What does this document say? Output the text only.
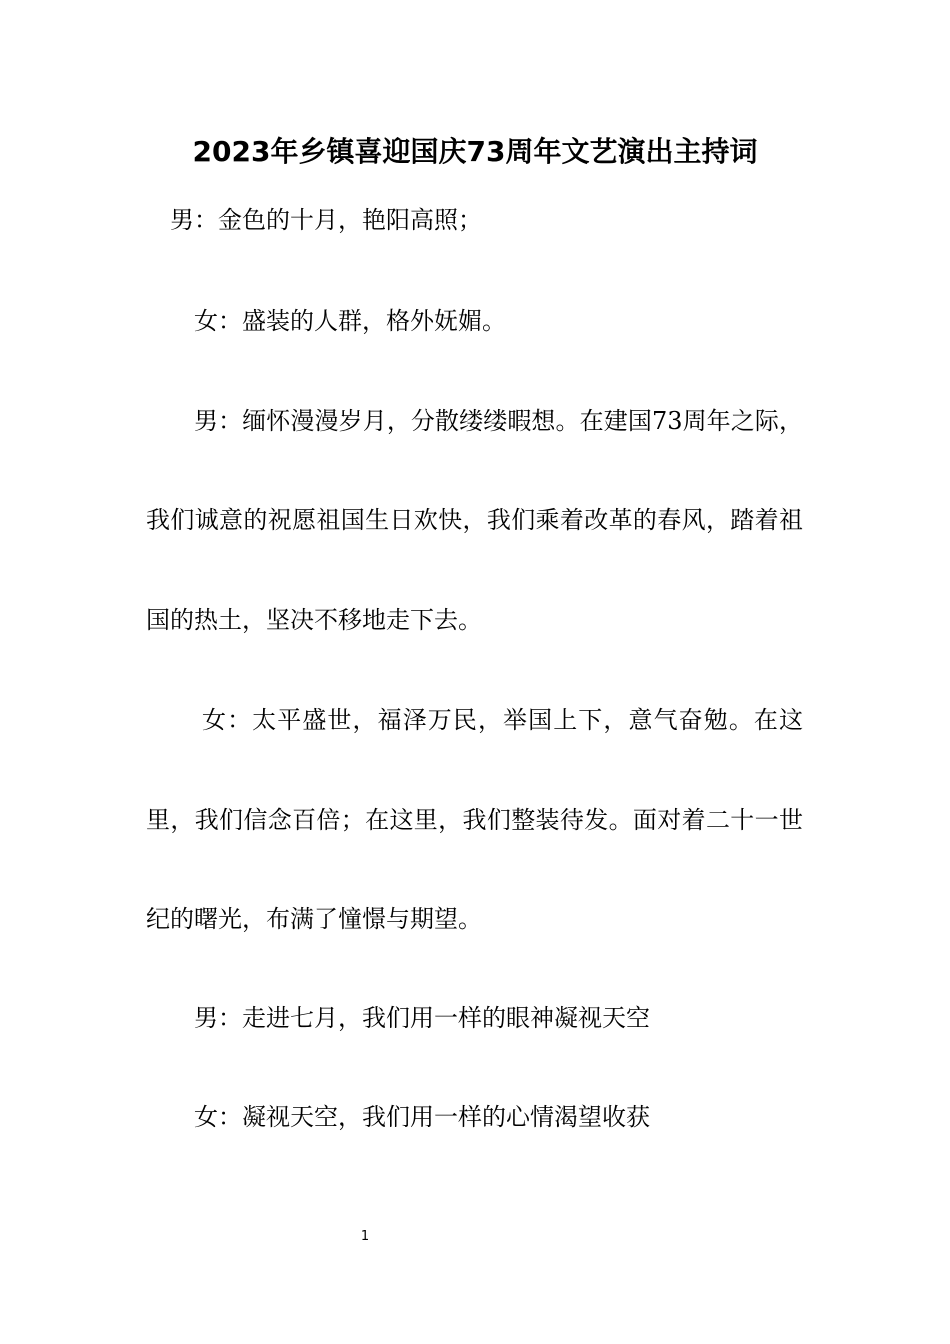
2023年乡镇喜迎国庆73周年文艺演出主持词
男：金色的十月，艳阳高照；
女：盛装的人群，格外妩媚。
男：缅怀漫漫岁月，分散缕缕暇想。在建国73周年之际，
我们诚意的祝愿祖国生日欢快，我们乘着改革的春风，踏着祖
国的热土，坚决不移地走下去。
女：太平盛世，福泽万民，举国上下，意气奋勉。在这
里，我们信念百倍；在这里，我们整装待发。面对着二十一世
纪的曙光，布满了憧憬与期望。
男：走进七月，我们用一样的眼神凝视天空
女：凝视天空，我们用一样的心情渴望收获
1
